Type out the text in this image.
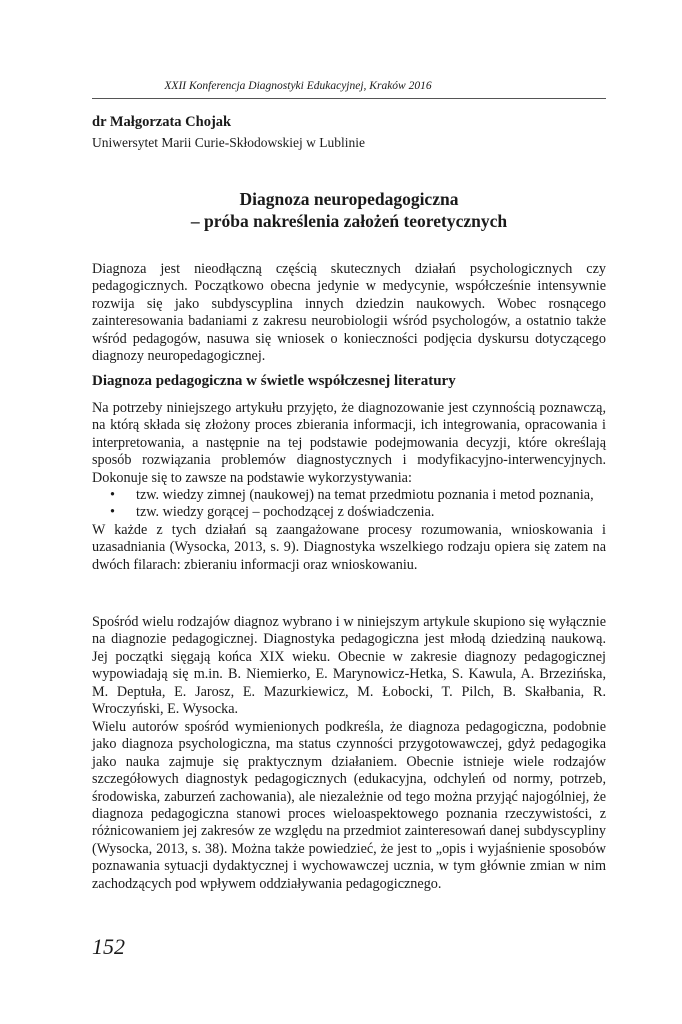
XXII Konferencja Diagnostyki Edukacyjnej, Kraków 2016
dr Małgorzata Chojak
Uniwersytet Marii Curie-Skłodowskiej w Lublinie
Diagnoza neuropedagogiczna
– próba nakreślenia założeń teoretycznych

Diagnoza jest nieodłączną częścią skutecznych działań psychologicznych czy pedagogicznych. Początkowo obecna jedynie w medycynie, współcześnie intensywnie rozwija się jako subdyscyplina innych dziedzin naukowych. Wobec rosnącego zainteresowania badaniami z zakresu neurobiologii wśród psychologów, a ostatnio także wśród pedagogów, nasuwa się wniosek o konieczności podjęcia dyskursu dotyczącego diagnozy neuropedagogicznej.

Diagnoza pedagogiczna w świetle współczesnej literatury

Na potrzeby niniejszego artykułu przyjęto, że diagnozowanie jest czynnością poznawczą, na którą składa się złożony proces zbierania informacji, ich integrowania, opracowania i interpretowania, a następnie na tej podstawie podejmowania decyzji, które określają sposób rozwiązania problemów diagnostycznych i modyfikacyjno-interwencyjnych. Dokonuje się to zawsze na podstawie wykorzystywania:

• tzw. wiedzy zimnej (naukowej) na temat przedmiotu poznania i metod poznania,
• tzw. wiedzy gorącej – pochodzącej z doświadczenia.

W każde z tych działań są zaangażowane procesy rozumowania, wnioskowania i uzasadniania (Wysocka, 2013, s. 9). Diagnostyka wszelkiego rodzaju opiera się zatem na dwóch filarach: zbieraniu informacji oraz wnioskowaniu.

Spośród wielu rodzajów diagnoz wybrano i w niniejszym artykule skupiono się wyłącznie na diagnozie pedagogicznej. Diagnostyka pedagogiczna jest młodą dziedziną naukową. Jej początki sięgają końca XIX wieku. Obecnie w zakresie diagnozy pedagogicznej wypowiadają się m.in. B. Niemierko, E. Marynowicz-Hetka, S. Kawula, A. Brzezińska, M. Deptuła, E. Jarosz, E. Mazurkiewicz, M. Łobocki, T. Pilch, B. Skałbania, R. Wroczyński, E. Wysocka.

Wielu autorów spośród wymienionych podkreśla, że diagnoza pedagogiczna, podobnie jako diagnoza psychologiczna, ma status czynności przygotowawczej, gdyż pedagogika jako nauka zajmuje się praktycznym działaniem. Obecnie istnieje wiele rodzajów szczegółowych diagnostyk pedagogicznych (edukacyjna, odchyleń od normy, potrzeb, środowiska, zaburzeń zachowania), ale niezależnie od tego można przyjąć najogólniej, że diagnoza pedagogiczna stanowi proces wieloaspektowego poznania rzeczywistości, z różnicowaniem jej zakresów ze względu na przedmiot zainteresowań danej subdyscypliny (Wysocka, 2013, s. 38). Można także powiedzieć, że jest to „opis i wyjaśnienie sposobów poznawania sytuacji dydaktycznej i wychowawczej ucznia, w tym głównie zmian w nim zachodzących pod wpływem oddziaływania pedagogicznego.

152
